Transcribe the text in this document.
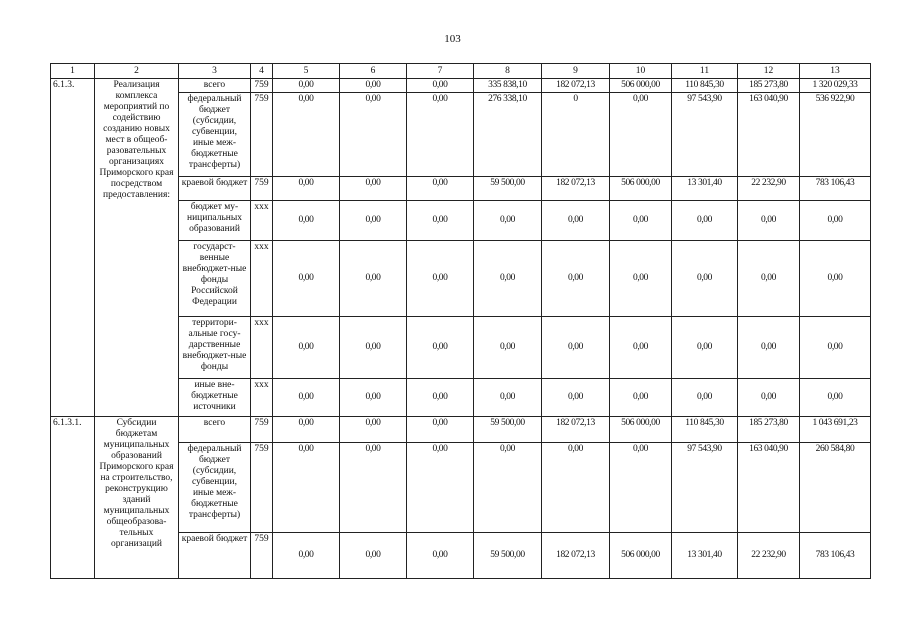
103
1	2	3	4	5	6	7	8	9	10	11	12	13
6.1.3.	Реализация комплекса мероприятий по содействию созданию новых мест в общеоб-разовательных организациях Приморского края посредством предоставления:	всего	759	0,00	0,00	0,00	335 838,10	182 072,13	506 000,00	110 845,30	185 273,80	1 320 029,33
		федеральный бюджет (субсидии, субвенции, иные меж-бюджетные трансферты)	759	0,00	0,00	0,00	276 338,10	0	0,00	97 543,90	163 040,90	536 922,90
		краевой бюджет	759	0,00	0,00	0,00	59 500,00	182 072,13	506 000,00	13 301,40	22 232,90	783 106,43
		бюджет му-ниципальных образований	ххх	0,00	0,00	0,00	0,00	0,00	0,00	0,00	0,00	0,00
		государст-венные внебюджет-ные фонды Российской Федерации	ххх	0,00	0,00	0,00	0,00	0,00	0,00	0,00	0,00	0,00
		территори-альные госу-дарственные внебюджет-ные фонды	ххх	0,00	0,00	0,00	0,00	0,00	0,00	0,00	0,00	0,00
		иные вне-бюджетные источники	ххх	0,00	0,00	0,00	0,00	0,00	0,00	0,00	0,00	0,00
6.1.3.1.	Субсидии бюджетам муниципальных образований Приморского края на строительство, реконструкцию зданий муниципальных общеобразова-тельных организаций	всего	759	0,00	0,00	0,00	59 500,00	182 072,13	506 000,00	110 845,30	185 273,80	1 043 691,23
		федеральный бюджет (субсидии, субвенции, иные меж-бюджетные трансферты)	759	0,00	0,00	0,00	0,00	0,00	0,00	97 543,90	163 040,90	260 584,80
		краевой бюджет	759	0,00	0,00	0,00	59 500,00	182 072,13	506 000,00	13 301,40	22 232,90	783 106,43
